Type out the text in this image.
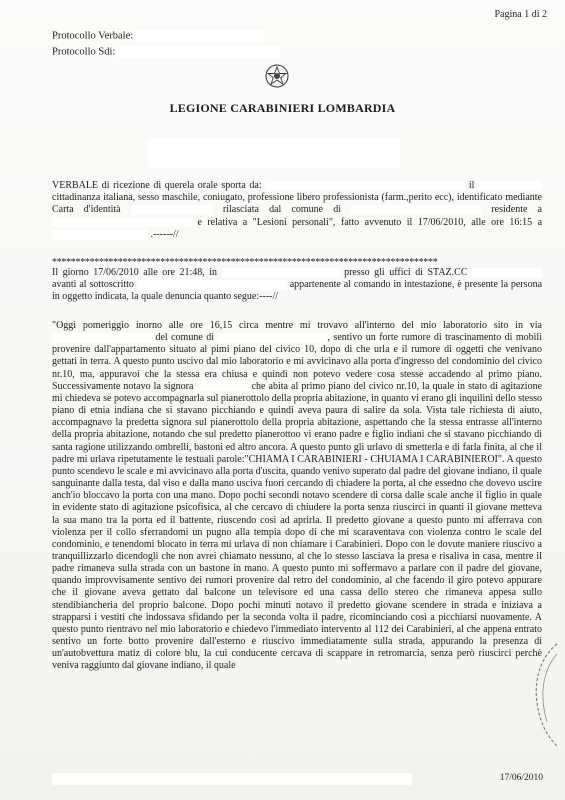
Pagina 1 di 2
Protocollo Verbale:
Protocollo Sdi:
LEGIONE CARABINIERI LOMBARDIA
VERBALE di ricezione di querela orale sporta da:	il  cittadinanza italiana, sesso maschile, coniugato, professione libero professionista (farm.,perito ecc), identificato mediante Carta d'identità	rilasciata dal comune di	residente a  e relativa a "Lesioni personali", fatto avvenuto il 17/06/2010, alle ore 16:15 a  .------//
**********************************************************************************
Il giorno 17/06/2010 alle ore 21:48, in	presso gli uffici di STAZ.CC  avanti al sottoscritto	appartenente al comando in intestazione, è presente la persona in oggetto indicata, la quale denuncia quanto segue:----//
"Oggi pomeriggio inorno alle ore 16,15 circa mentre mi trovavo all'interno del mio laboratorio sito in via  del comune di	, sentivo un forte rumore di trascinamento di mobili provenire dall'appartamento situato al pimi piano del civico 10, dopo di che urla e il rumore di oggetti che venivano gettati in terra. A questo punto uscivo dal mio laboratorio e mi avvicinavo alla porta d'ingresso del condominio del civico nr.10, ma, appuravoi che la stessa era chiusa e quindi non potevo vedere cosa stesse accadendo al primo piano. Successivamente notavo la signora	che abita al primo piano del civico nr.10, la quale in stato di agitazione mi chiedeva se potevo accompagnarla sul pianerottolo della propria abitazione, in quanto vi erano gli inquilini dello stesso piano di etnia indiana che si stavano picchiando e quindi aveva paura di salire da sola. Vista tale richiesta di aiuto, accompagnavo la predetta signora sul pianerottolo della propria abitazione, aspettando che la stessa entrasse all'interno della propria abitazione, notando che sul predetto pianerottoo vi erano padre e figlio indiani che si stavano picchiando di santa ragione utilizzando ombrelli, bastoni ed altro ancora. A questo punto gli urlavo di smetterla e di farla finita, al che il padre mi urlava ripetutamente le testuali parole:"CHIAMA I CARABINIERI - CHUIAMA I CARABINIEROI". A questo punto scendevo le scale e mi avvicinavo alla porta d'uscita, quando venivo superato dal padre del giovane indiano, il quale sanguinante dalla testa, dal viso e dalla mano usciva fuori cercando di chiadere la porta, al che essedno che dovevo uscire anch'io bloccavo la porta con una mano. Dopo pochi secondi notavo scendere di corsa dalle scale anche il figlio in quale in evidente stato di agitazione psicofisica, al che cercavo di chiudere la porta senza riuscirci in quanti il giovane metteva la sua mano tra la porta ed il battente, riuscendo così ad aprirla. Il predetto giovane a questo punto mi afferrava con violenza per il collo sferrandomi un pugno alla tempia dopo di che mi scaraventava con violenza contro le scale del condominio, e tenendomi blocato in terra mi urlava di non chiamare i Carabinieri. Dopo con le dovute maniere riuscivo a tranquillizzarlo dicendogli che non avrei chiamato nessuno, al che lo stesso lasciava la presa e risaliva in casa, mentre il padre rimaneva sulla strada con un bastone in mano. A questo punto mi soffermavo a parlare con il padre del giovane, quando improvvisamente sentivo dei rumori provenire dal retro del condominio, al che facendo il giro potevo appurare che il giovane aveva gettato dal balcone un televisore ed una cassa dello stereo che rimaneva appesa sullo stendibiancheria del proprio balcone. Dopo pochi minuti notavo il predetto giovane scendere in strada e iniziava a strapparsi i vestiti che indossava sfidando per la seconda volta il padre, ricominciando così a picchiarsi nuovamente. A questo punto rientravo nel mio laboratorio e chiedevo l'immediato intervento al 112 dei Carabinieri, al che appena entrato sentivo un forte botto provenire dall'esterno e riuscivo immediatamente sulla strada, appurando la presenza di un'autobvettura matiz di colore blu, la cui conducente cercava di scappare in retromarcia, senza però riuscirci perchè veniva raggiunto dal giovane indiano, il quale
17/06/2010
